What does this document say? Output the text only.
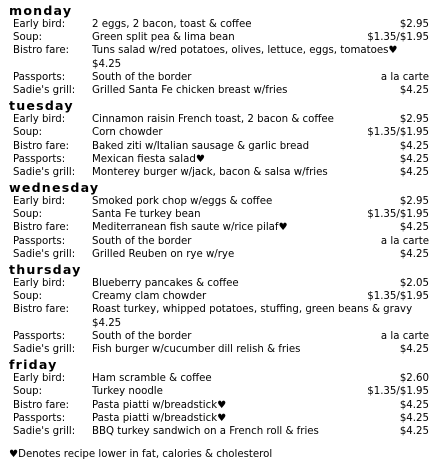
monday
Early bird:	2 eggs, 2 bacon, toast & coffee	$2.95
Soup:	Green split pea & lima bean	$1.35/$1.95
Bistro fare: Tuns salad w/red potatoes, olives, lettuce, eggs, tomatoes♥
$4.25
Passports:	South of the border	a la carte
Sadie's grill: Grilled Santa Fe chicken breast w/fries	$4.25
tuesday
Early bird:	Cinnamon raisin French toast, 2 bacon & coffee	$2.95
Soup:	Corn chowder	$1.35/$1.95
Bistro fare: Baked ziti w/Italian sausage & garlic bread	$4.25
Passports:	Mexican fiesta salad♥	$4.25
Sadie's grill: Monterey burger w/jack, bacon & salsa w/fries	$4.25
wednesday
Early bird:	Smoked pork chop w/eggs & coffee	$2.95
Soup:	Santa Fe turkey bean	$1.35/$1.95
Bistro fare: Mediterranean fish saute w/rice pilaf♥	$4.25
Passports:	South of the border	a la carte
Sadie's grill: Grilled Reuben on rye w/rye	$4.25
thursday
Early bird:	Blueberry pancakes & coffee	$2.05
Soup:	Creamy clam chowder	$1.35/$1.95
Bistro fare: Roast turkey, whipped potatoes, stuffing, green beans & gravy
$4.25
Passports:	South of the border	a la carte
Sadie's grill: Fish burger w/cucumber dill relish & fries	$4.25
friday
Early bird:	Ham scramble & coffee	$2.60
Soup:	Turkey noodle	$1.35/$1.95
Bistro fare: Pasta piatti w/breadstick♥	$4.25
Passports:	Pasta piatti w/breadstick♥	$4.25
Sadie's grill: BBQ turkey sandwich on a French roll & fries	$4.25
♥Denotes recipe lower in fat, calories & cholesterol
